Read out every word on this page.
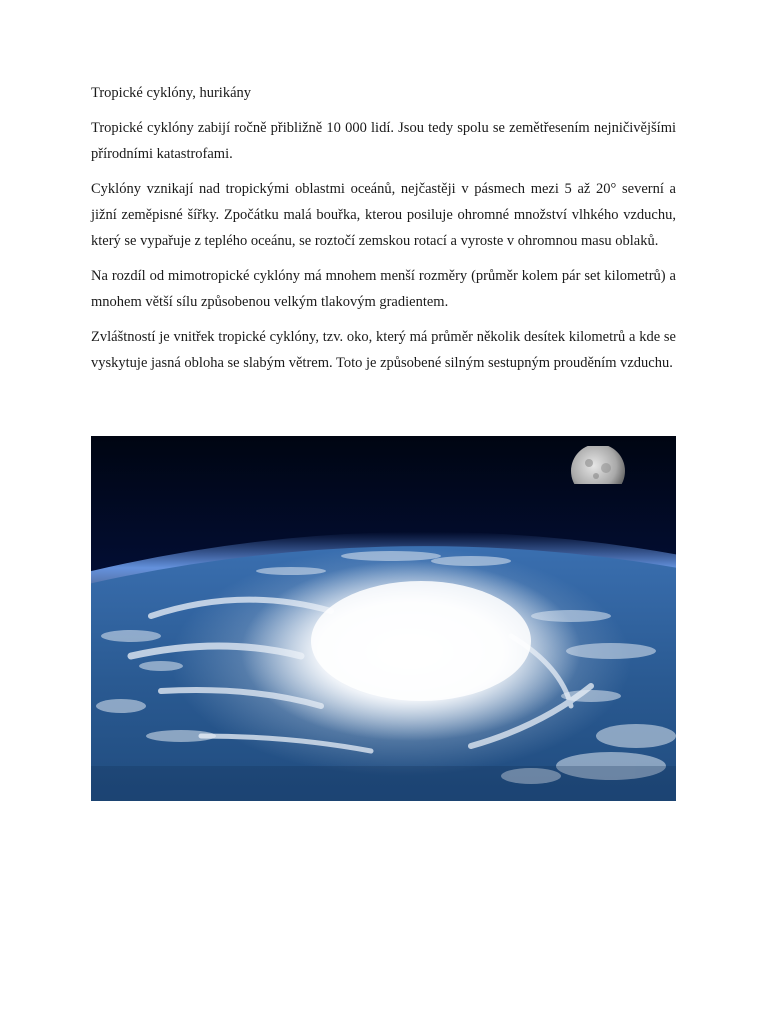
Tropické cyklóny, hurikány

Tropické cyklóny zabijí ročně přibližně 10 000 lidí. Jsou tedy spolu se zemětřesením nejničivějšími přírodními katastrofami.

Cyklóny vznikají nad tropickými oblastmi oceánů, nejčastěji v pásmech mezi 5 až 20° severní a jižní zeměpisné šířky. Zpočátku malá bouřka, kterou posiluje ohromné množství vlhkého vzduchu, který se vypařuje z teplého oceánu, se roztočí zemskou rotací a vyroste v ohromnou masu oblaků.

Na rozdíl od mimotropické cyklóny má mnohem menší rozměry (průměr kolem pár set kilometrů) a mnohem větší sílu způsobenou velkým tlakovým gradientem.

Zvláštností je vnitřek tropické cyklóny, tzv. oko, který má průměr několik desítek kilometrů a kde se vyskytuje jasná obloha se slabým větrem. Toto je způsobené silným sestupným prouděním vzduchu.
